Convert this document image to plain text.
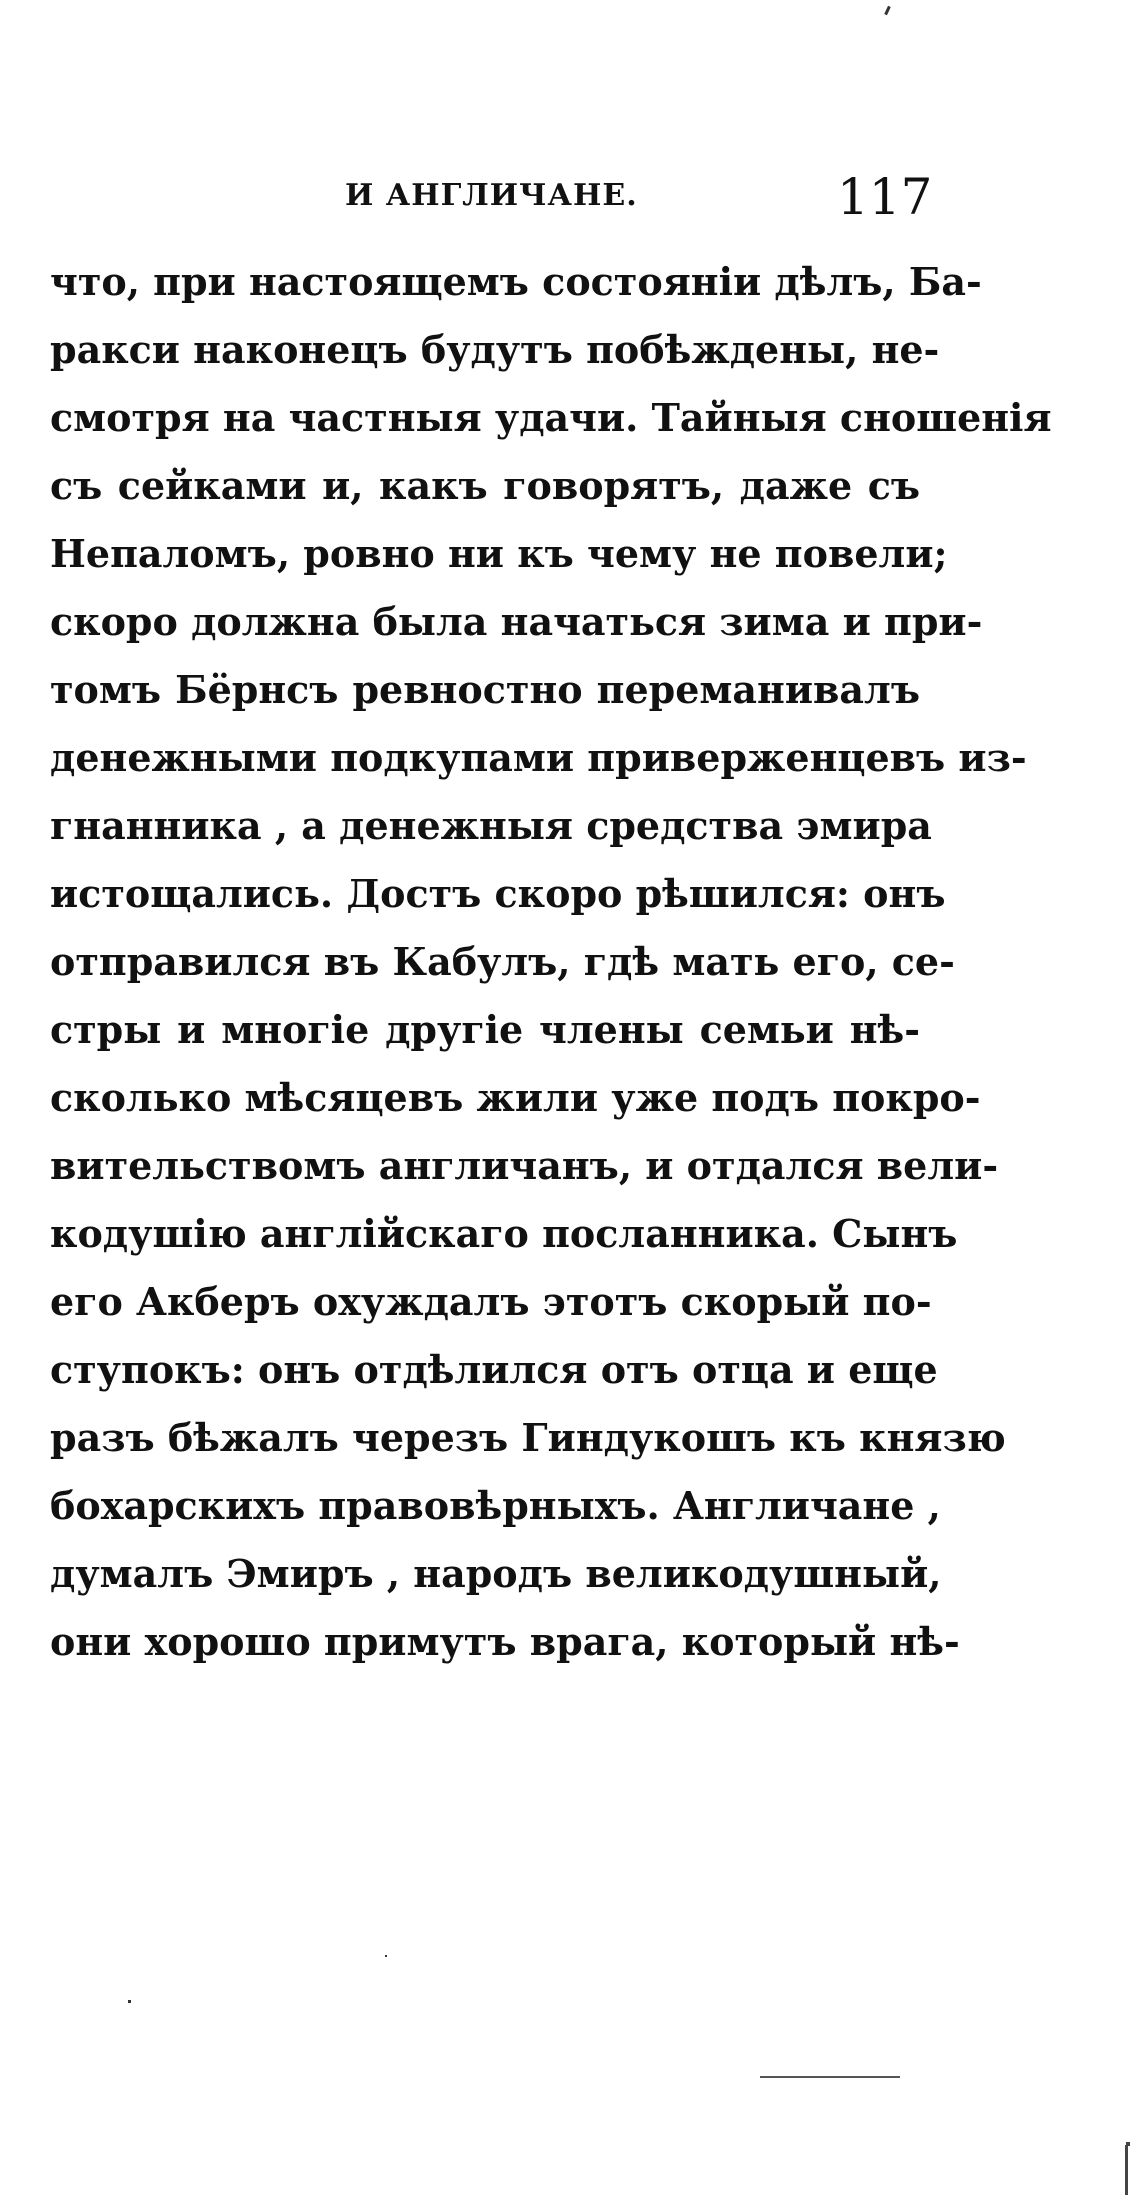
И АНГЛИЧАНЕ.	117
что, при настоящемъ состояніи дѣлъ, Ба-
ракси наконецъ будутъ побѣждены, не-
смотря на частныя удачи. Тайныя сношенія
съ сейками и, какъ говорятъ, даже съ
Непаломъ, ровно ни къ чему не повели;
скоро должна была начаться зима и при-
томъ Бёрнсъ ревностно переманивалъ
денежными подкупами приверженцевъ из-
гнанника , а денежныя средства эмира
истощались. Достъ скоро рѣшился: онъ
отправился въ Кабулъ, гдѣ мать его, се-
стры и многіе другіе члены семьи нѣ-
сколько мѣсяцевъ жили уже подъ покро-
вительствомъ англичанъ, и отдался вели-
кодушію англійскаго посланника. Сынъ
его Акберъ охуждалъ этотъ скорый по-
ступокъ: онъ отдѣлился отъ отца и еще
разъ бѣжалъ черезъ Гиндукошъ къ князю
бохарскихъ правовѣрныхъ. Англичане ,
думалъ Эмиръ , народъ великодушный,
они хорошо примутъ врага, который нѣ-
